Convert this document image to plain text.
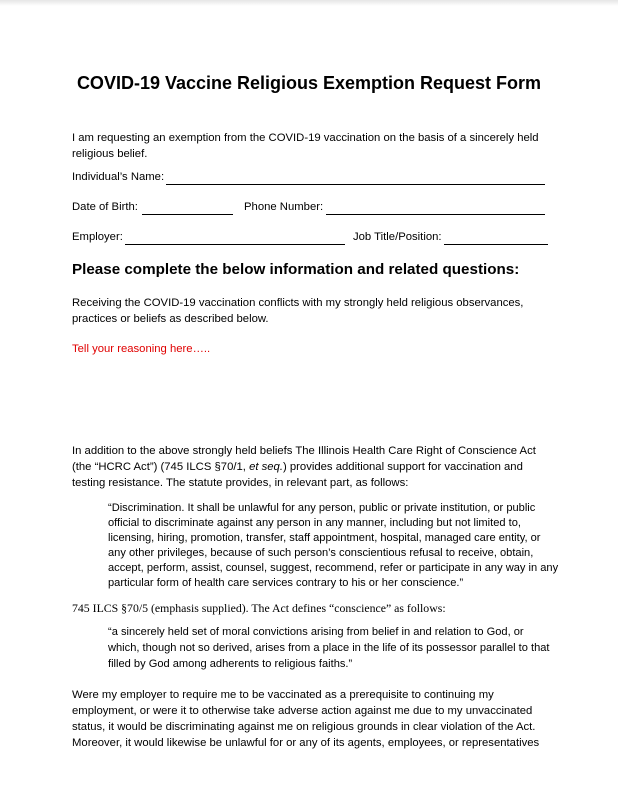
COVID-19 Vaccine Religious Exemption Request Form
I am requesting an exemption from the COVID-19 vaccination on the basis of a sincerely held
religious belief.
Individual’s Name:
Date of Birth:	Phone Number:
Employer:	Job Title/Position:
Please complete the below information and related questions:
Receiving the COVID-19 vaccination conflicts with my strongly held religious observances,
practices or beliefs as described below.
Tell your reasoning here…..
In addition to the above strongly held beliefs The Illinois Health Care Right of Conscience Act
(the “HCRC Act”) (745 ILCS §70/1, et seq.) provides additional support for vaccination and
testing resistance. The statute provides, in relevant part, as follows:
“Discrimination. It shall be unlawful for any person, public or private institution, or public
official to discriminate against any person in any manner, including but not limited to,
licensing, hiring, promotion, transfer, staff appointment, hospital, managed care entity, or
any other privileges, because of such person’s conscientious refusal to receive, obtain,
accept, perform, assist, counsel, suggest, recommend, refer or participate in any way in any
particular form of health care services contrary to his or her conscience.”
745 ILCS §70/5 (emphasis supplied). The Act defines “conscience” as follows:
“a sincerely held set of moral convictions arising from belief in and relation to God, or
which, though not so derived, arises from a place in the life of its possessor parallel to that
filled by God among adherents to religious faiths.”
Were my employer to require me to be vaccinated as a prerequisite to continuing my
employment, or were it to otherwise take adverse action against me due to my unvaccinated
status, it would be discriminating against me on religious grounds in clear violation of the Act.
Moreover, it would likewise be unlawful for or any of its agents, employees, or representatives
